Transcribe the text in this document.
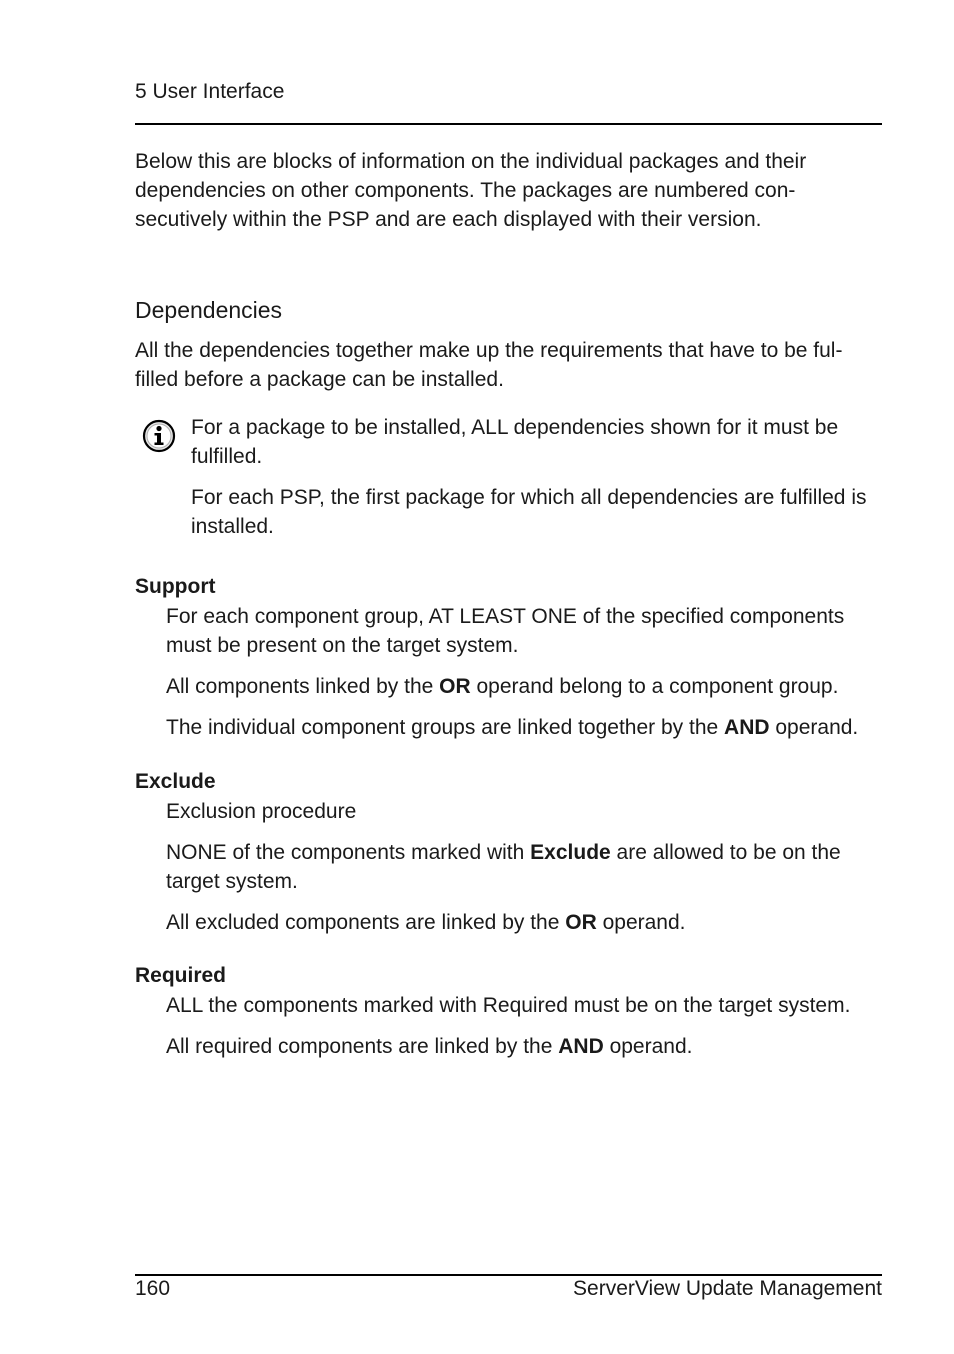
5 User Interface

Below this are blocks of information on the individual packages and their dependencies on other components. The packages are numbered con-secutively within the PSP and are each displayed with their version.

Dependencies

All the dependencies together make up the requirements that have to be ful-filled before a package can be installed.

For a package to be installed, ALL dependencies shown for it must be fulfilled.

For each PSP, the first package for which all dependencies are fulfilled is installed.

Support

For each component group, AT LEAST ONE of the specified components must be present on the target system.

All components linked by the OR operand belong to a component group.

The individual component groups are linked together by the AND operand.

Exclude

Exclusion procedure

NONE of the components marked with Exclude are allowed to be on the target system.

All excluded components are linked by the OR operand.

Required

ALL the components marked with Required must be on the target system.

All required components are linked by the AND operand.

160	ServerView Update Management
